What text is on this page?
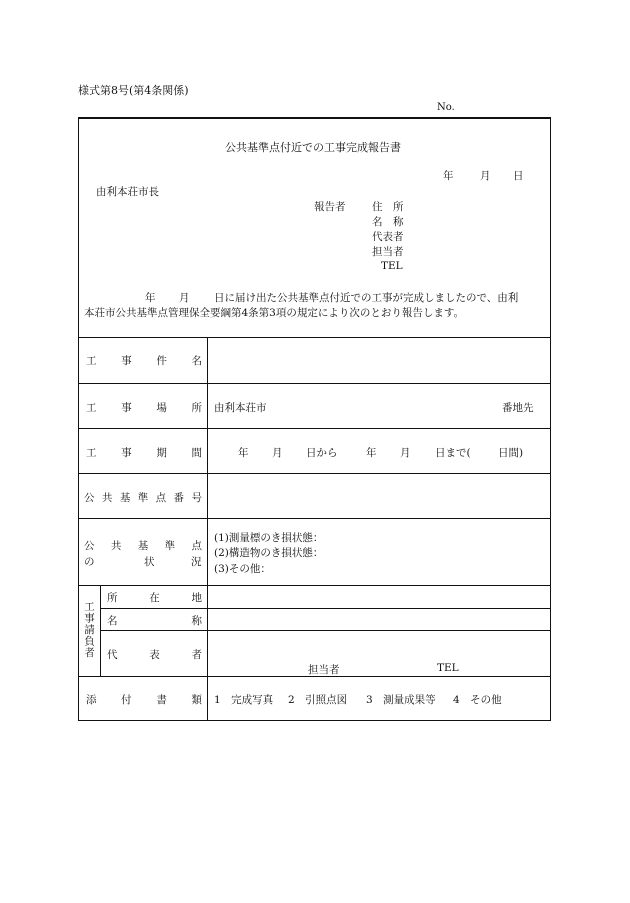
様式第8号(第4条関係)
No.
公共基準点付近での工事完成報告書
年	月 日
由利本荘市長
報告者	住　所
名　称
代表者
担当者
TEL
年 月 日に届け出た公共基準点付近での工事が完成しましたので、由利
本荘市公共基準点管理保全要綱第4条第3項の規定により次のとおり報告します。
工 事 件 名
工 事 場 所 由利本荘市	番地先
工 事 期 間	年 月 日から	年 月 日まで(	日間)
公 共 基 準 点 番 号
公 共 基 準 点
の	状	況
(1)測量標のき損状態：
(2)構造物のき損状態：
(3)その他：
工事請負者
所	在	地
名	称
代	表	者
担当者	TEL
添 付 書 類 1　完成写真 2　引照点図 3　測量成果等 4　その他
